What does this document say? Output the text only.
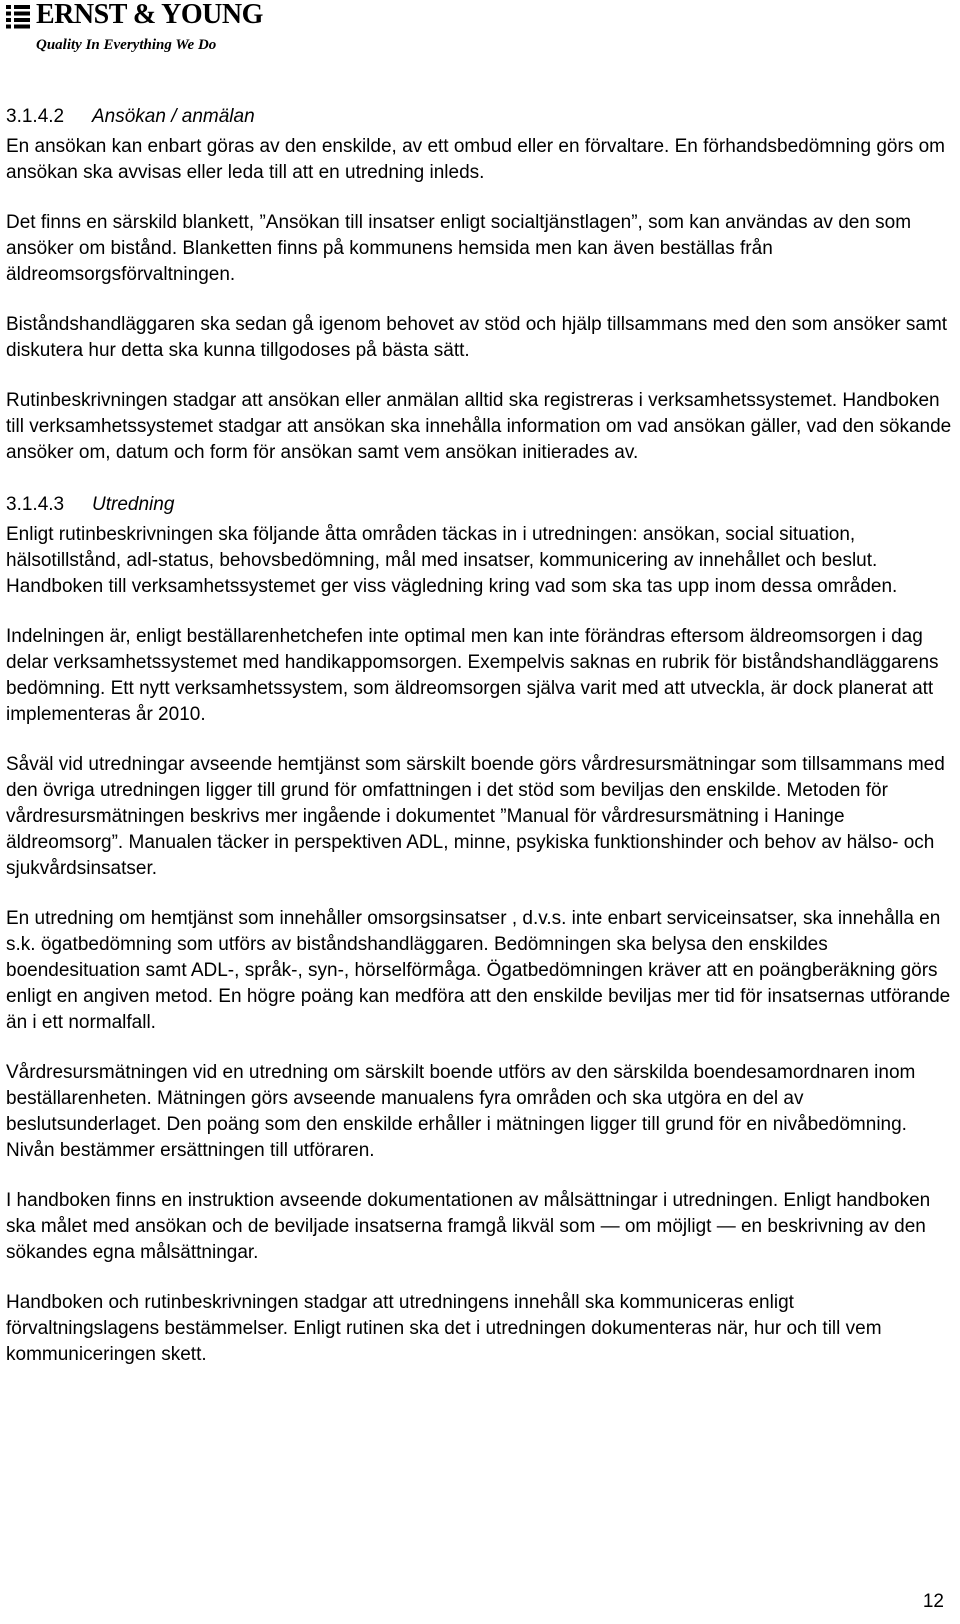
ERNST & YOUNG
Quality In Everything We Do
3.1.4.2 Ansökan / anmälan

En ansökan kan enbart göras av den enskilde, av ett ombud eller en förvaltare. En förhandsbedömning görs om ansökan ska avvisas eller leda till att en utredning inleds.

Det finns en särskild blankett, ”Ansökan till insatser enligt socialtjänstlagen”, som kan användas av den som ansöker om bistånd. Blanketten finns på kommunens hemsida men kan även beställas från äldreomsorgsförvaltningen.

Biståndshandläggaren ska sedan gå igenom behovet av stöd och hjälp tillsammans med den som ansöker samt diskutera hur detta ska kunna tillgodoses på bästa sätt.

Rutinbeskrivningen stadgar att ansökan eller anmälan alltid ska registreras i verksamhetssystemet. Handboken till verksamhetssystemet stadgar att ansökan ska innehålla information om vad ansökan gäller, vad den sökande ansöker om, datum och form för ansökan samt vem ansökan initierades av.

3.1.4.3 Utredning

Enligt rutinbeskrivningen ska följande åtta områden täckas in i utredningen: ansökan, social situation, hälsotillstånd, adl-status, behovsbedömning, mål med insatser, kommunicering av innehållet och beslut. Handboken till verksamhetssystemet ger viss vägledning kring vad som ska tas upp inom dessa områden.

Indelningen är, enligt beställarenhetchefen inte optimal men kan inte förändras eftersom äldreomsorgen i dag delar verksamhetssystemet med handikappomsorgen. Exempelvis saknas en rubrik för biståndshandläggarens bedömning. Ett nytt verksamhetssystem, som äldreomsorgen själva varit med att utveckla, är dock planerat att implementeras år 2010.

Såväl vid utredningar avseende hemtjänst som särskilt boende görs vårdresursmätningar som tillsammans med den övriga utredningen ligger till grund för omfattningen i det stöd som beviljas den enskilde. Metoden för vårdresursmätningen beskrivs mer ingående i dokumentet ”Manual för vårdresursmätning i Haninge äldreomsorg”. Manualen täcker in perspektiven ADL, minne, psykiska funktionshinder och behov av hälso- och sjukvårdsinsatser.

En utredning om hemtjänst som innehåller omsorgsinsatser , d.v.s. inte enbart serviceinsatser, ska innehålla en s.k. ögatbedömning som utförs av biståndshandläggaren. Bedömningen ska belysa den enskildes boendesituation samt ADL-, språk-, syn-, hörselförmåga. Ögatbedömningen kräver att en poängberäkning görs enligt en angiven metod. En högre poäng kan medföra att den enskilde beviljas mer tid för insatsernas utförande än i ett normalfall.

Vårdresursmätningen vid en utredning om särskilt boende utförs av den särskilda boendesamordnaren inom beställarenheten. Mätningen görs avseende manualens fyra områden och ska utgöra en del av beslutsunderlaget. Den poäng som den enskilde erhåller i mätningen ligger till grund för en nivåbedömning. Nivån bestämmer ersättningen till utföraren.

I handboken finns en instruktion avseende dokumentationen av målsättningar i utredningen. Enligt handboken ska målet med ansökan och de beviljade insatserna framgå likväl som — om möjligt — en beskrivning av den sökandes egna målsättningar.

Handboken och rutinbeskrivningen stadgar att utredningens innehåll ska kommuniceras enligt förvaltningslagens bestämmelser. Enligt rutinen ska det i utredningen dokumenteras när, hur och till vem kommuniceringen skett.

12
